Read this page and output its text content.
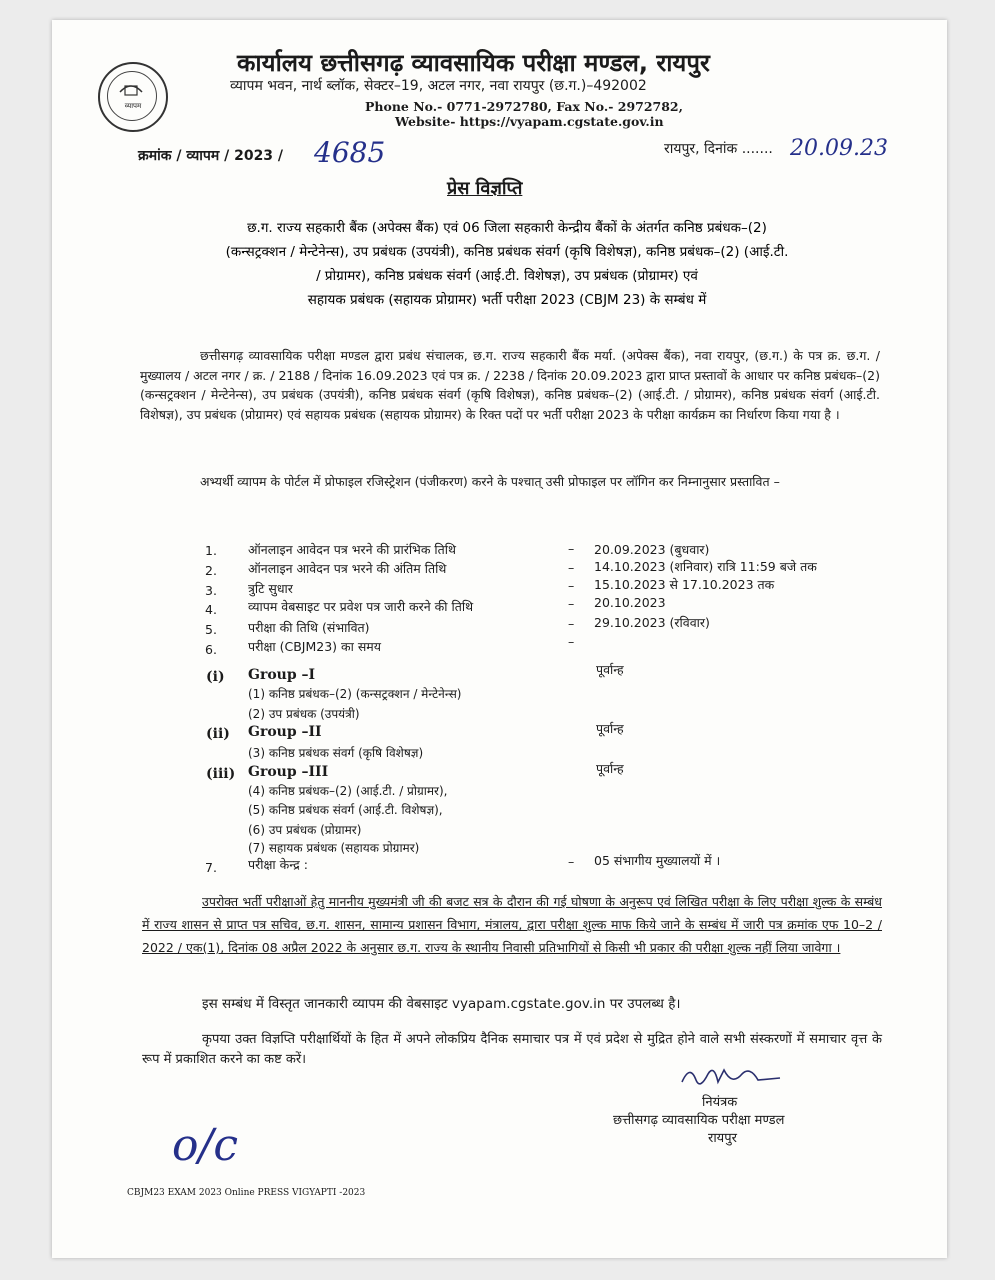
व्यापम
कार्यालय छत्तीसगढ़ व्यावसायिक परीक्षा मण्डल, रायपुर
व्यापम भवन, नार्थ ब्लॉक, सेक्टर–19, अटल नगर, नवा रायपुर (छ.ग.)–492002
Phone No.- 0771-2972780, Fax No.- 2972782,
Website- https://vyapam.cgstate.gov.in
क्रमांक / व्यापम / 2023 / 4685	रायपुर, दिनांक ....... 20.09.23
प्रेस विज्ञप्ति
छ.ग. राज्य सहकारी बैंक (अपेक्स बैंक) एवं 06 जिला सहकारी केन्द्रीय बैंकों के अंतर्गत कनिष्ठ प्रबंधक–(2)
(कन्सट्रक्शन / मेन्टेनेन्स), उप प्रबंधक (उपयंत्री), कनिष्ठ प्रबंधक संवर्ग (कृषि विशेषज्ञ), कनिष्ठ प्रबंधक–(2) (आई.टी.
/ प्रोग्रामर), कनिष्ठ प्रबंधक संवर्ग (आई.टी. विशेषज्ञ), उप प्रबंधक (प्रोग्रामर) एवं
सहायक प्रबंधक (सहायक प्रोग्रामर) भर्ती परीक्षा 2023 (CBJM 23) के सम्बंध में
छत्तीसगढ़ व्यावसायिक परीक्षा मण्डल द्वारा प्रबंध संचालक, छ.ग. राज्य सहकारी बैंक मर्या. (अपेक्स बैंक), नवा रायपुर, (छ.ग.) के पत्र क्र. छ.ग. / मुख्यालय / अटल नगर / क्र. / 2188 / दिनांक 16.09.2023 एवं पत्र क्र. / 2238 / दिनांक 20.09.2023 द्वारा प्राप्त प्रस्तावों के आधार पर कनिष्ठ प्रबंधक–(2) (कन्सट्रक्शन / मेन्टेनेन्स), उप प्रबंधक (उपयंत्री), कनिष्ठ प्रबंधक संवर्ग (कृषि विशेषज्ञ), कनिष्ठ प्रबंधक–(2) (आई.टी. / प्रोग्रामर), कनिष्ठ प्रबंधक संवर्ग (आई.टी. विशेषज्ञ), उप प्रबंधक (प्रोग्रामर) एवं सहायक प्रबंधक (सहायक प्रोग्रामर) के रिक्त पदों पर भर्ती परीक्षा 2023 के परीक्षा कार्यक्रम का निर्धारण किया गया है ।
अभ्यर्थी व्यापम के पोर्टल में प्रोफाइल रजिस्ट्रेशन (पंजीकरण) करने के पश्चात् उसी प्रोफाइल पर लॉगिन कर निम्नानुसार प्रस्तावित –
1. ऑनलाइन आवेदन पत्र भरने की प्रारंभिक तिथि	– 20.09.2023 (बुधवार)
2. ऑनलाइन आवेदन पत्र भरने की अंतिम तिथि	– 14.10.2023 (शनिवार) रात्रि 11:59 बजे तक
3. त्रुटि सुधार	– 15.10.2023 से 17.10.2023 तक
4. व्यापम वेबसाइट पर प्रवेश पत्र जारी करने की तिथि	– 20.10.2023
5. परीक्षा की तिथि (संभावित)	– 29.10.2023 (रविवार)
6. परीक्षा (CBJM23) का समय	–
(i) Group –I	पूर्वान्ह
(1) कनिष्ठ प्रबंधक–(2) (कन्सट्रक्शन / मेन्टेनेन्स)
(2) उप प्रबंधक (उपयंत्री)
(ii) Group –II	पूर्वान्ह
(3) कनिष्ठ प्रबंधक संवर्ग (कृषि विशेषज्ञ)
(iii) Group –III	पूर्वान्ह
(4) कनिष्ठ प्रबंधक–(2) (आई.टी. / प्रोग्रामर),
(5) कनिष्ठ प्रबंधक संवर्ग (आई.टी. विशेषज्ञ),
(6) उप प्रबंधक (प्रोग्रामर)
(7) सहायक प्रबंधक (सहायक प्रोग्रामर)
7. परीक्षा केन्द्र :	– 05 संभागीय मुख्यालयों में ।
उपरोक्त भर्ती परीक्षाओं हेतु माननीय मुख्यमंत्री जी की बजट सत्र के दौरान की गई घोषणा के अनुरूप एवं लिखित परीक्षा के लिए परीक्षा शुल्क के सम्बंध में राज्य शासन से प्राप्त पत्र सचिव, छ.ग. शासन, सामान्य प्रशासन विभाग, मंत्रालय, द्वारा परीक्षा शुल्क माफ किये जाने के सम्बंध में जारी पत्र क्रमांक एफ 10–2 / 2022 / एक(1), दिनांक 08 अप्रैल 2022 के अनुसार छ.ग. राज्य के स्थानीय निवासी प्रतिभागियों से किसी भी प्रकार की परीक्षा शुल्क नहीं लिया जावेगा ।
इस सम्बंध में विस्तृत जानकारी व्यापम की वेबसाइट vyapam.cgstate.gov.in पर उपलब्ध है।
कृपया उक्त विज्ञप्ति परीक्षार्थियों के हित में अपने लोकप्रिय दैनिक समाचार पत्र में एवं प्रदेश से मुद्रित होने वाले सभी संस्करणों में समाचार वृत्त के रूप में प्रकाशित करने का कष्ट करें।
नियंत्रक
छत्तीसगढ़ व्यावसायिक परीक्षा मण्डल
रायपुर
o/c
CBJM23 EXAM 2023 Online PRESS VIGYAPTI -2023
